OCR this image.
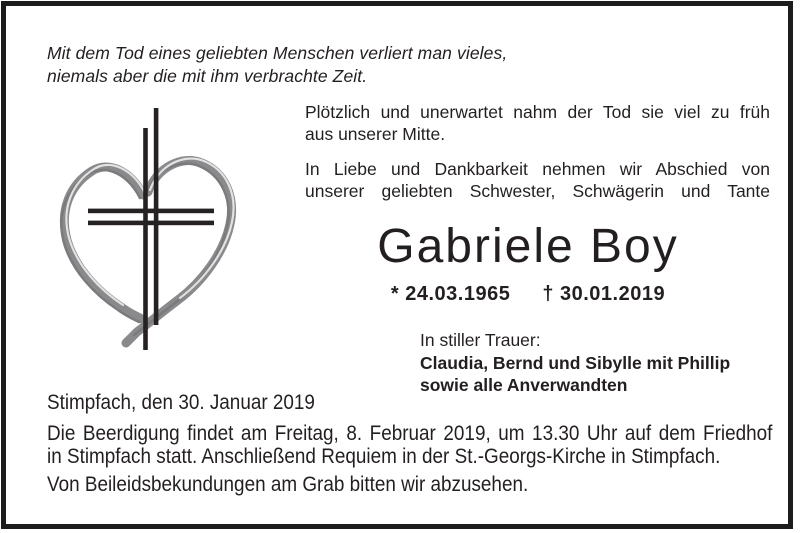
Mit dem Tod eines geliebten Menschen verliert man vieles,
niemals aber die mit ihm verbrachte Zeit.
Plötzlich und unerwartet nahm der Tod sie viel zu früh
aus unserer Mitte.
In Liebe und Dankbarkeit nehmen wir Abschied von
unserer geliebten Schwester, Schwägerin und Tante
Gabriele Boy
* 24.03.1965 † 30.01.2019
In stiller Trauer:
Claudia, Bernd und Sibylle mit Phillip
sowie alle Anverwandten
Stimpfach, den 30. Januar 2019
Die Beerdigung findet am Freitag, 8. Februar 2019, um 13.30 Uhr auf dem Friedhof
in Stimpfach statt. Anschließend Requiem in der St.-Georgs-Kirche in Stimpfach.
Von Beileidsbekundungen am Grab bitten wir abzusehen.
